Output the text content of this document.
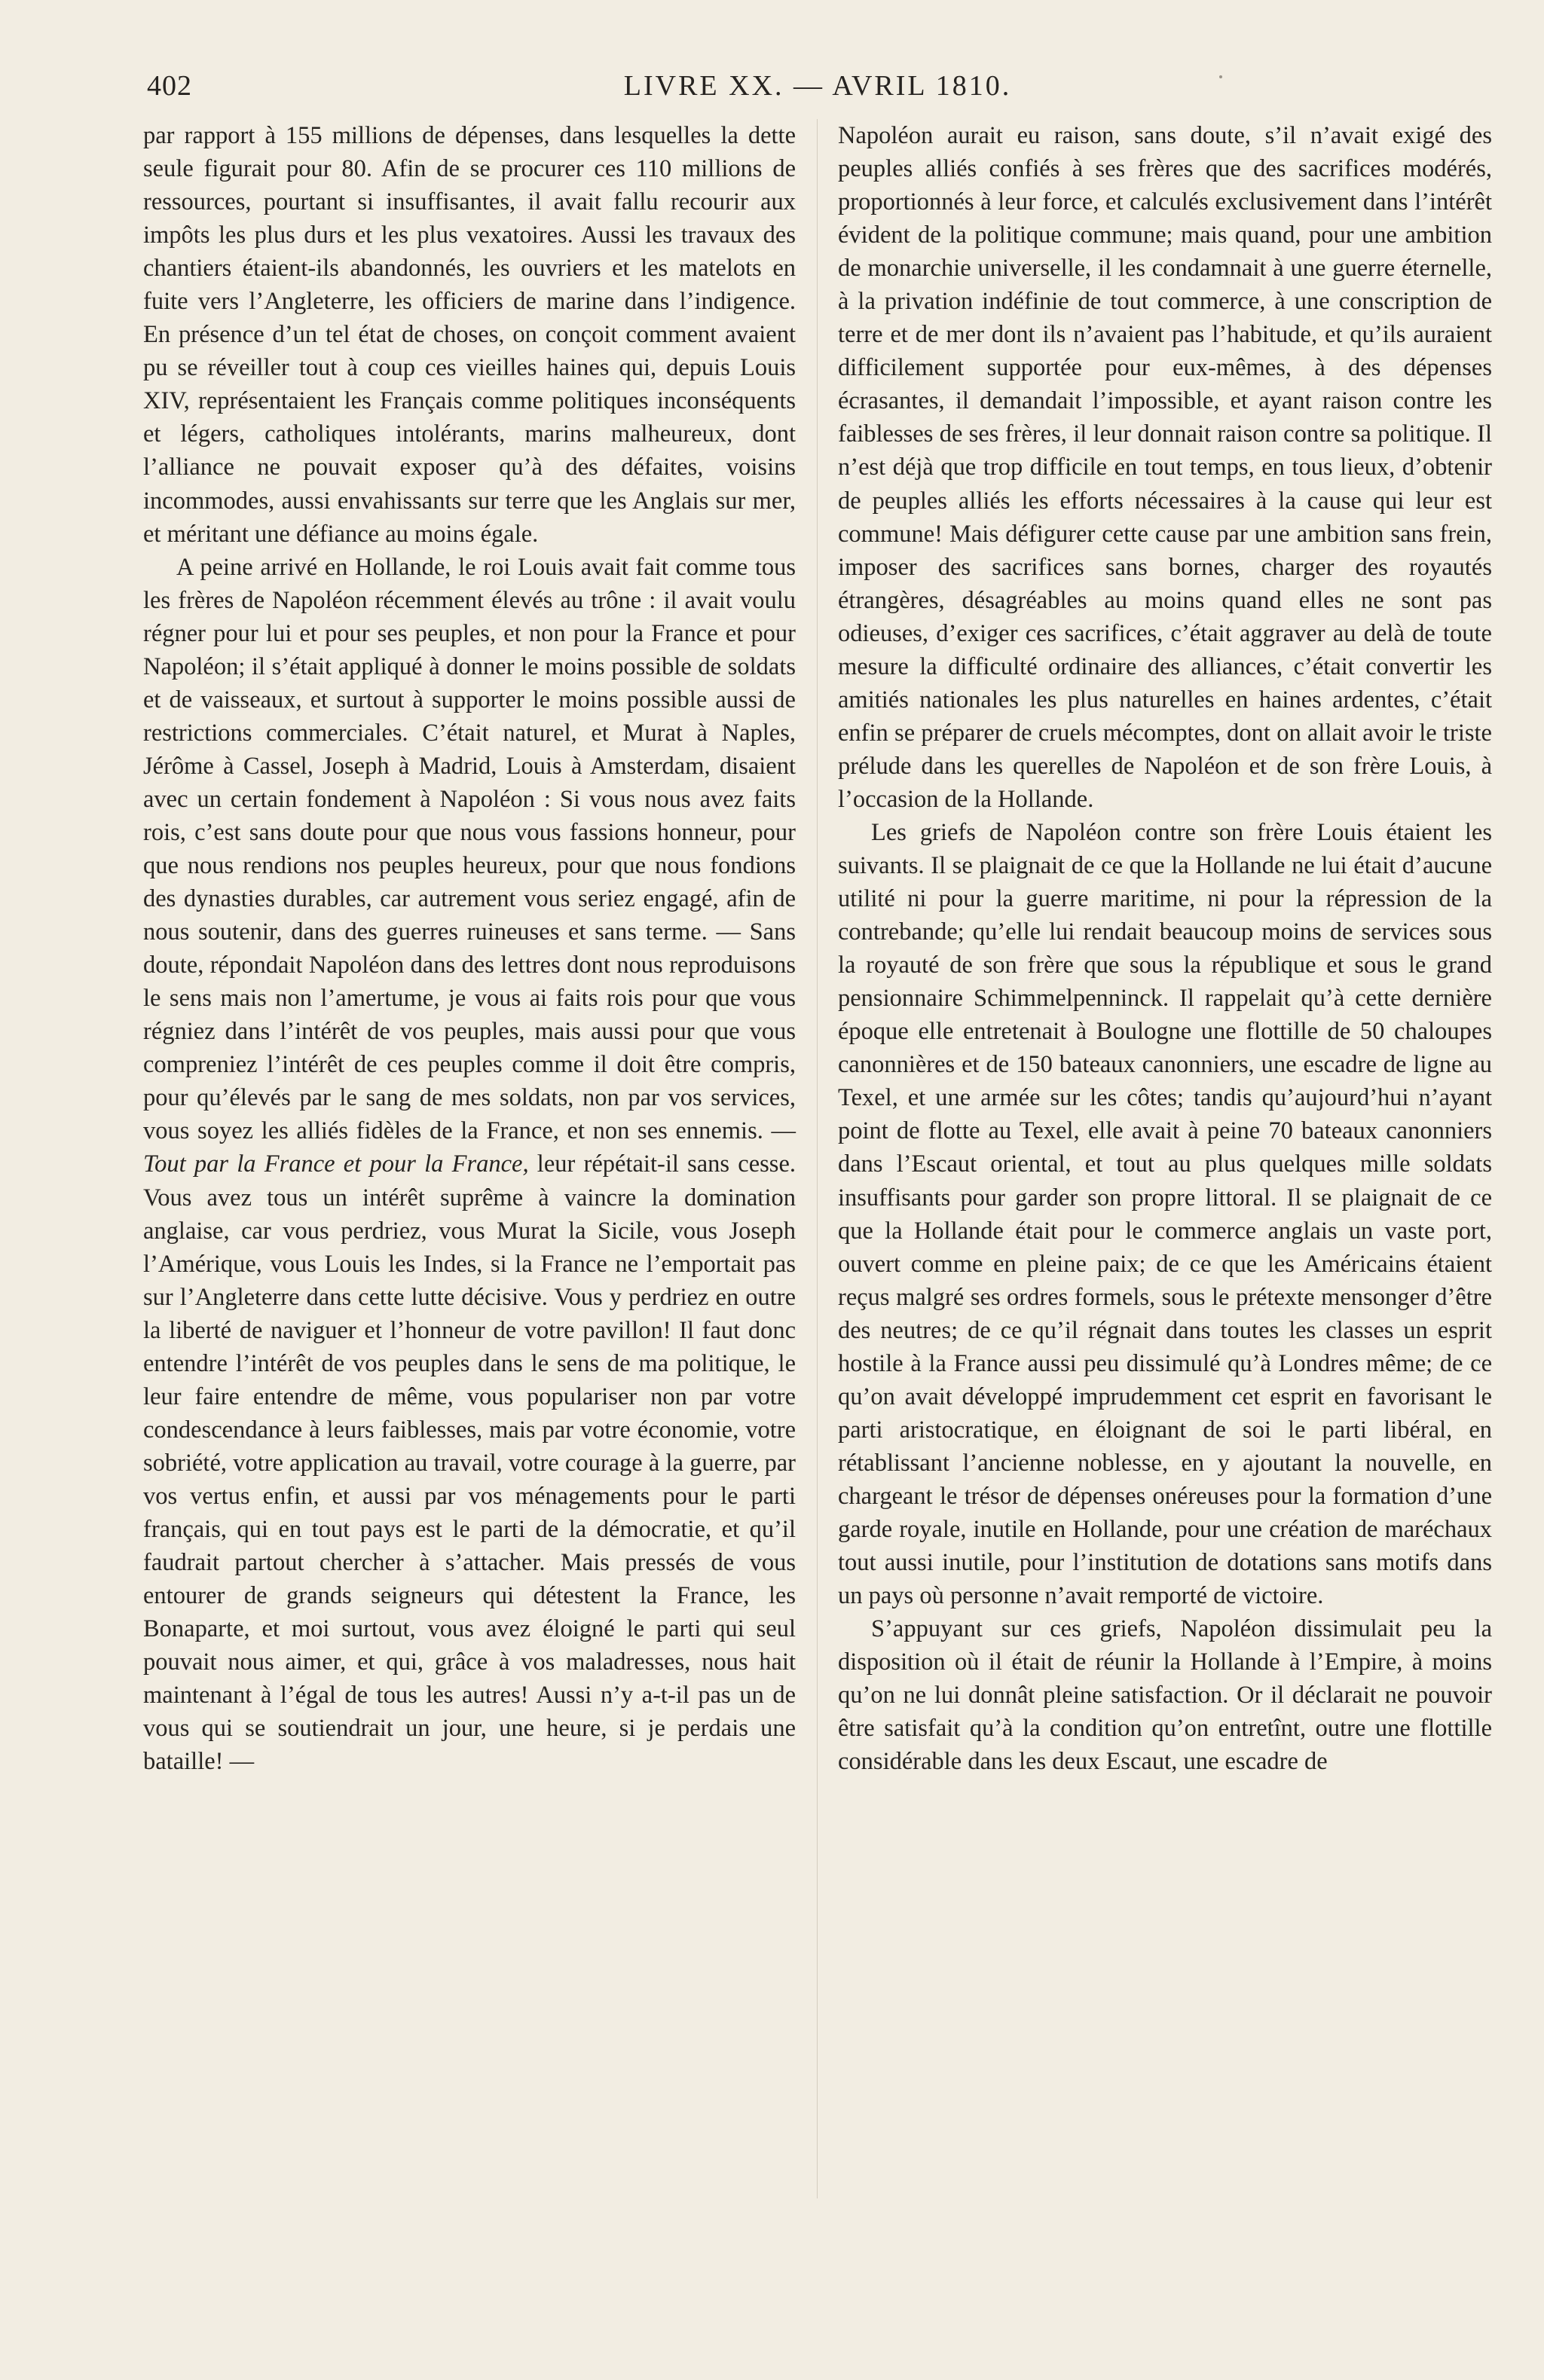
402	LIVRE XX. — AVRIL 1810.

par rapport à 155 millions de dépenses, dans lesquelles la dette seule figurait pour 80. Afin de se procurer ces 110 millions de ressources, pourtant si insuffisantes, il avait fallu recourir aux impôts les plus durs et les plus vexatoires. Aussi les travaux des chantiers étaient-ils abandonnés, les ouvriers et les matelots en fuite vers l’Angleterre, les officiers de marine dans l’indigence. En présence d’un tel état de choses, on conçoit comment avaient pu se réveiller tout à coup ces vieilles haines qui, depuis Louis XIV, représentaient les Français comme politiques inconséquents et légers, catholiques intolérants, marins malheureux, dont l’alliance ne pouvait exposer qu’à des défaites, voisins incommodes, aussi envahissants sur terre que les Anglais sur mer, et méritant une défiance au moins égale.

A peine arrivé en Hollande, le roi Louis avait fait comme tous les frères de Napoléon récemment élevés au trône : il avait voulu régner pour lui et pour ses peuples, et non pour la France et pour Napoléon; il s’était appliqué à donner le moins possible de soldats et de vaisseaux, et surtout à supporter le moins possible aussi de restrictions commerciales. C’était naturel, et Murat à Naples, Jérôme à Cassel, Joseph à Madrid, Louis à Amsterdam, disaient avec un certain fondement à Napoléon : Si vous nous avez faits rois, c’est sans doute pour que nous vous fassions honneur, pour que nous rendions nos peuples heureux, pour que nous fondions des dynasties durables, car autrement vous seriez engagé, afin de nous soutenir, dans des guerres ruineuses et sans terme. — Sans doute, répondait Napoléon dans des lettres dont nous reproduisons le sens mais non l’amertume, je vous ai faits rois pour que vous régniez dans l’intérêt de vos peuples, mais aussi pour que vous compreniez l’intérêt de ces peuples comme il doit être compris, pour qu’élevés par le sang de mes soldats, non par vos services, vous soyez les alliés fidèles de la France, et non ses ennemis. — Tout par la France et pour la France, leur répétait-il sans cesse. Vous avez tous un intérêt suprême à vaincre la domination anglaise, car vous perdriez, vous Murat la Sicile, vous Joseph l’Amérique, vous Louis les Indes, si la France ne l’emportait pas sur l’Angleterre dans cette lutte décisive. Vous y perdriez en outre la liberté de naviguer et l’honneur de votre pavillon! Il faut donc entendre l’intérêt de vos peuples dans le sens de ma politique, le leur faire entendre de même, vous populariser non par votre condescendance à leurs faiblesses, mais par votre économie, votre sobriété, votre application au travail, votre courage à la guerre, par vos vertus enfin, et aussi par vos ménagements pour le parti français, qui en tout pays est le parti de la démocratie, et qu’il faudrait partout chercher à s’attacher. Mais pressés de vous entourer de grands seigneurs qui détestent la France, les Bonaparte, et moi surtout, vous avez éloigné le parti qui seul pouvait nous aimer, et qui, grâce à vos maladresses, nous hait maintenant à l’égal de tous les autres! Aussi n’y a-t-il pas un de vous qui se soutiendrait un jour, une heure, si je perdais une bataille! —

Napoléon aurait eu raison, sans doute, s’il n’avait exigé des peuples alliés confiés à ses frères que des sacrifices modérés, proportionnés à leur force, et calculés exclusivement dans l’intérêt évident de la politique commune; mais quand, pour une ambition de monarchie universelle, il les condamnait à une guerre éternelle, à la privation indéfinie de tout commerce, à une conscription de terre et de mer dont ils n’avaient pas l’habitude, et qu’ils auraient difficilement supportée pour eux-mêmes, à des dépenses écrasantes, il demandait l’impossible, et ayant raison contre les faiblesses de ses frères, il leur donnait raison contre sa politique. Il n’est déjà que trop difficile en tout temps, en tous lieux, d’obtenir de peuples alliés les efforts nécessaires à la cause qui leur est commune! Mais défigurer cette cause par une ambition sans frein, imposer des sacrifices sans bornes, charger des royautés étrangères, désagréables au moins quand elles ne sont pas odieuses, d’exiger ces sacrifices, c’était aggraver au delà de toute mesure la difficulté ordinaire des alliances, c’était convertir les amitiés nationales les plus naturelles en haines ardentes, c’était enfin se préparer de cruels mécomptes, dont on allait avoir le triste prélude dans les querelles de Napoléon et de son frère Louis, à l’occasion de la Hollande.

Les griefs de Napoléon contre son frère Louis étaient les suivants. Il se plaignait de ce que la Hollande ne lui était d’aucune utilité ni pour la guerre maritime, ni pour la répression de la contrebande; qu’elle lui rendait beaucoup moins de services sous la royauté de son frère que sous la république et sous le grand pensionnaire Schimmelpenninck. Il rappelait qu’à cette dernière époque elle entretenait à Boulogne une flottille de 50 chaloupes canonnières et de 150 bateaux canonniers, une escadre de ligne au Texel, et une armée sur les côtes; tandis qu’aujourd’hui n’ayant point de flotte au Texel, elle avait à peine 70 bateaux canonniers dans l’Escaut oriental, et tout au plus quelques mille soldats insuffisants pour garder son propre littoral. Il se plaignait de ce que la Hollande était pour le commerce anglais un vaste port, ouvert comme en pleine paix; de ce que les Américains étaient reçus malgré ses ordres formels, sous le prétexte mensonger d’être des neutres; de ce qu’il régnait dans toutes les classes un esprit hostile à la France aussi peu dissimulé qu’à Londres même; de ce qu’on avait développé imprudemment cet esprit en favorisant le parti aristocratique, en éloignant de soi le parti libéral, en rétablissant l’ancienne noblesse, en y ajoutant la nouvelle, en chargeant le trésor de dépenses onéreuses pour la formation d’une garde royale, inutile en Hollande, pour une création de maréchaux tout aussi inutile, pour l’institution de dotations sans motifs dans un pays où personne n’avait remporté de victoire.

S’appuyant sur ces griefs, Napoléon dissimulait peu la disposition où il était de réunir la Hollande à l’Empire, à moins qu’on ne lui donnât pleine satisfaction. Or il déclarait ne pouvoir être satisfait qu’à la condition qu’on entretînt, outre une flottille considérable dans les deux Escaut, une escadre de
